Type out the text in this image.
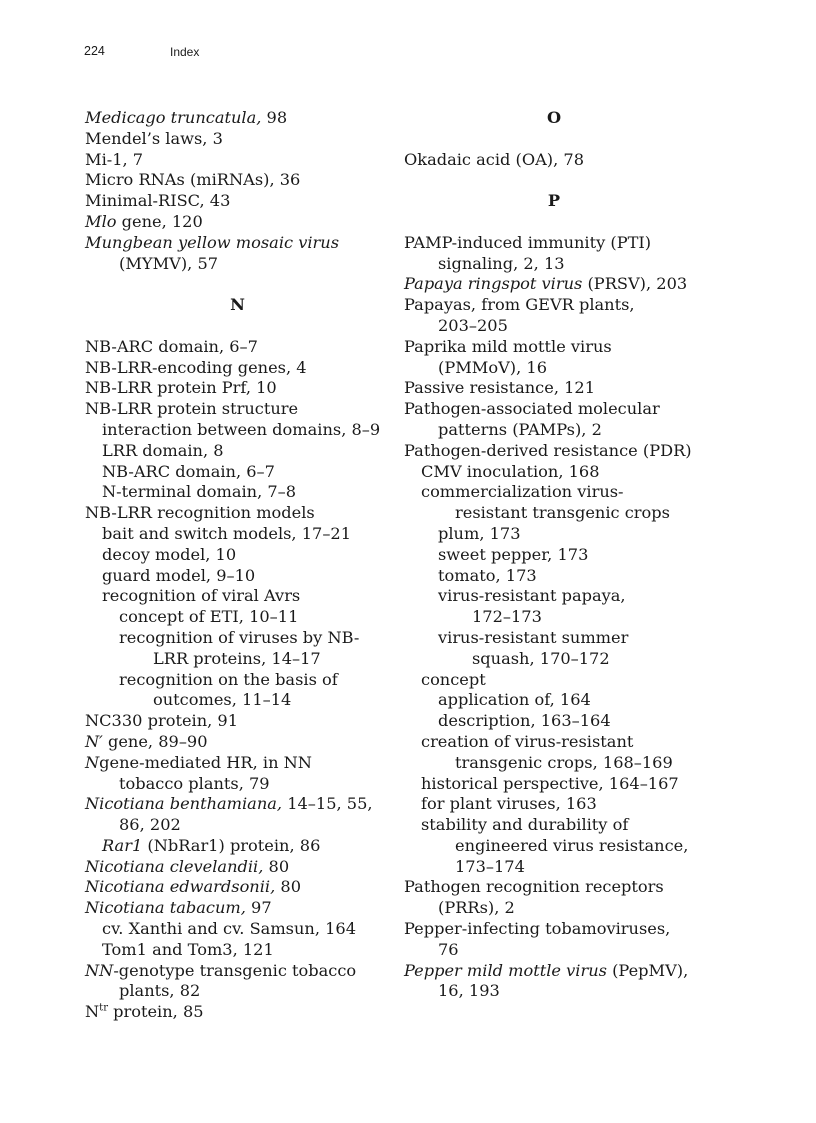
224	Index
Medicago truncatula, 98
Mendel’s laws, 3
Mi-1, 7
Micro RNAs (miRNAs), 36
Minimal-RISC, 43
Mlo gene, 120
Mungbean yellow mosaic virus
(MYMV), 57
N
NB-ARC domain, 6–7
NB-LRR-encoding genes, 4
NB-LRR protein Prf, 10
NB-LRR protein structure
interaction between domains, 8–9
LRR domain, 8
NB-ARC domain, 6–7
N-terminal domain, 7–8
NB-LRR recognition models
bait and switch models, 17–21
decoy model, 10
guard model, 9–10
recognition of viral Avrs
concept of ETI, 10–11
recognition of viruses by NB-
LRR proteins, 14–17
recognition on the basis of
outcomes, 11–14
NC330 protein, 91
N′ gene, 89–90
Ngene-mediated HR, in NN
tobacco plants, 79
Nicotiana benthamiana, 14–15, 55,
86, 202
Rar1 (NbRar1) protein, 86
Nicotiana clevelandii, 80
Nicotiana edwardsonii, 80
Nicotiana tabacum, 97
cv. Xanthi and cv. Samsun, 164
Tom1 and Tom3, 121
NN-genotype transgenic tobacco
plants, 82
$N^{tr}$ protein, 85
O
Okadaic acid (OA), 78
P
PAMP-induced immunity (PTI)
signaling, 2, 13
Papaya ringspot virus (PRSV), 203
Papayas, from GEVR plants,
203–205
Paprika mild mottle virus
(PMMoV), 16
Passive resistance, 121
Pathogen-associated molecular
patterns (PAMPs), 2
Pathogen-derived resistance (PDR)
CMV inoculation, 168
commercialization virus-
resistant transgenic crops
plum, 173
sweet pepper, 173
tomato, 173
virus-resistant papaya,
172–173
virus-resistant summer
squash, 170–172
concept
application of, 164
description, 163–164
creation of virus-resistant
transgenic crops, 168–169
historical perspective, 164–167
for plant viruses, 163
stability and durability of
engineered virus resistance,
173–174
Pathogen recognition receptors
(PRRs), 2
Pepper-infecting tobamoviruses,
76
Pepper mild mottle virus (PepMV),
16, 193
